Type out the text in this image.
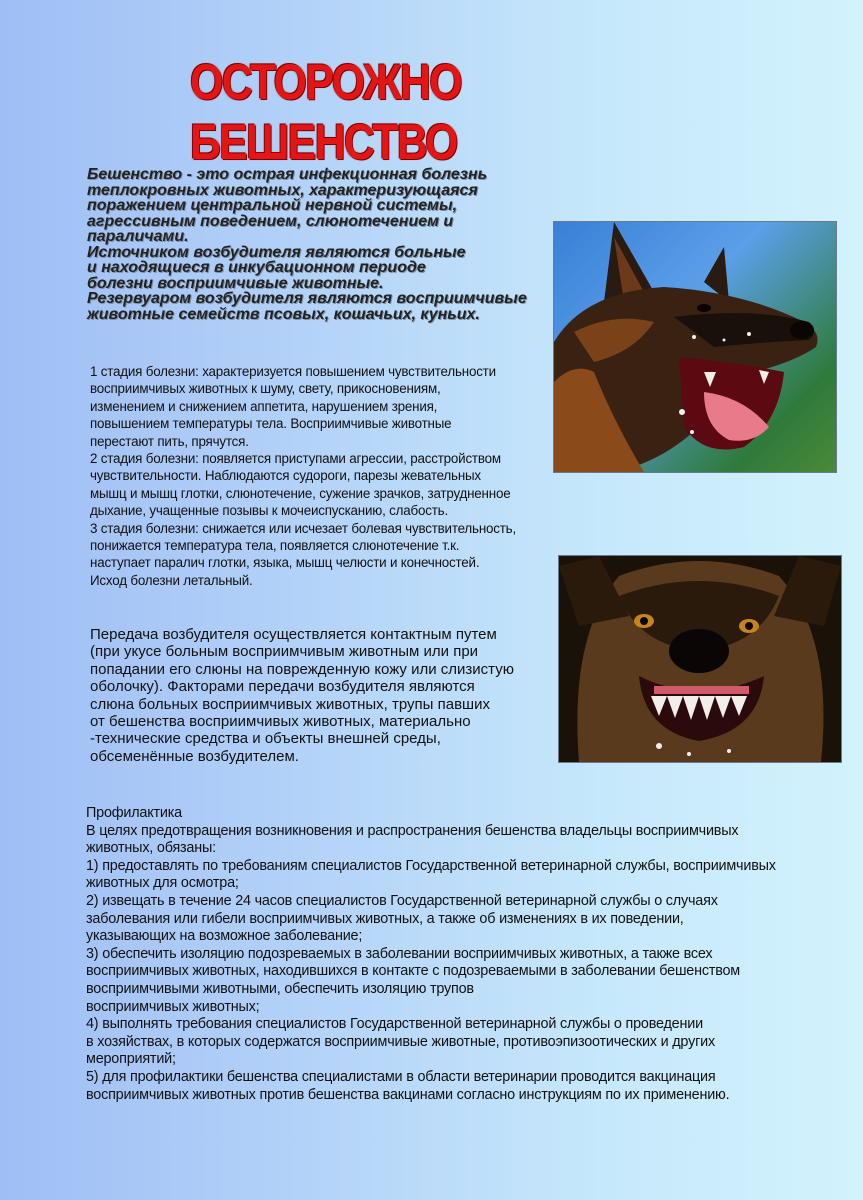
ОСТОРОЖНО БЕШЕНСТВО
Бешенство - это острая инфекционная болезнь
теплокровных животных, характеризующаяся
поражением центральной нервной системы,
агрессивным поведением, слюнотечением и
параличами.
Источником возбудителя являются больные
и находящиеся в инкубационном периоде
болезни восприимчивые животные.
Резервуаром возбудителя являются восприимчивые
животные семейств псовых, кошачьих, куньих.
1 стадия болезни: характеризуется повышением чувствительности
восприимчивых животных к шуму, свету, прикосновениям,
изменением и снижением аппетита, нарушением зрения,
повышением температуры тела. Восприимчивые животные
перестают пить, прячутся.
2 стадия болезни: появляется приступами агрессии, расстройством
чувствительности. Наблюдаются судороги, парезы жевательных
мышц и мышц глотки, слюнотечение, сужение зрачков, затрудненное
дыхание, учащенные позывы к мочеиспусканию, слабость.
3 стадия болезни: снижается или исчезает болевая чувствительность,
понижается температура тела, появляется слюнотечение т.к.
наступает паралич глотки, языка, мышц челюсти и конечностей.
Исход болезни летальный.
Передача возбудителя осуществляется контактным путем
(при укусе больным восприимчивым животным или при
попадании его слюны на поврежденную кожу или слизистую
оболочку). Факторами передачи возбудителя являются
слюна больных восприимчивых животных, трупы павших
от бешенства восприимчивых животных, материально
-технические средства и объекты внешней среды,
обсеменённые возбудителем.
Профилактика
В целях предотвращения возникновения и распространения бешенства владельцы восприимчивых
животных, обязаны:
1) предоставлять по требованиям специалистов Государственной ветеринарной службы, восприимчивых
животных для осмотра;
2) извещать в течение 24 часов специалистов Государственной ветеринарной службы о случаях
заболевания или гибели восприимчивых животных, а также об изменениях в их поведении,
указывающих на возможное заболевание;
3) обеспечить изоляцию подозреваемых в заболевании восприимчивых животных, а также всех
восприимчивых животных, находившихся в контакте с подозреваемыми в заболевании бешенством
восприимчивыми животными, обеспечить изоляцию трупов
восприимчивых животных;
4) выполнять требования специалистов Государственной ветеринарной службы о проведении
в хозяйствах, в которых содержатся восприимчивые животные, противоэпизоотических и других
мероприятий;
5) для профилактики бешенства специалистами в области ветеринарии проводится вакцинация
восприимчивых животных против бешенства вакцинами согласно инструкциям по их применению.
